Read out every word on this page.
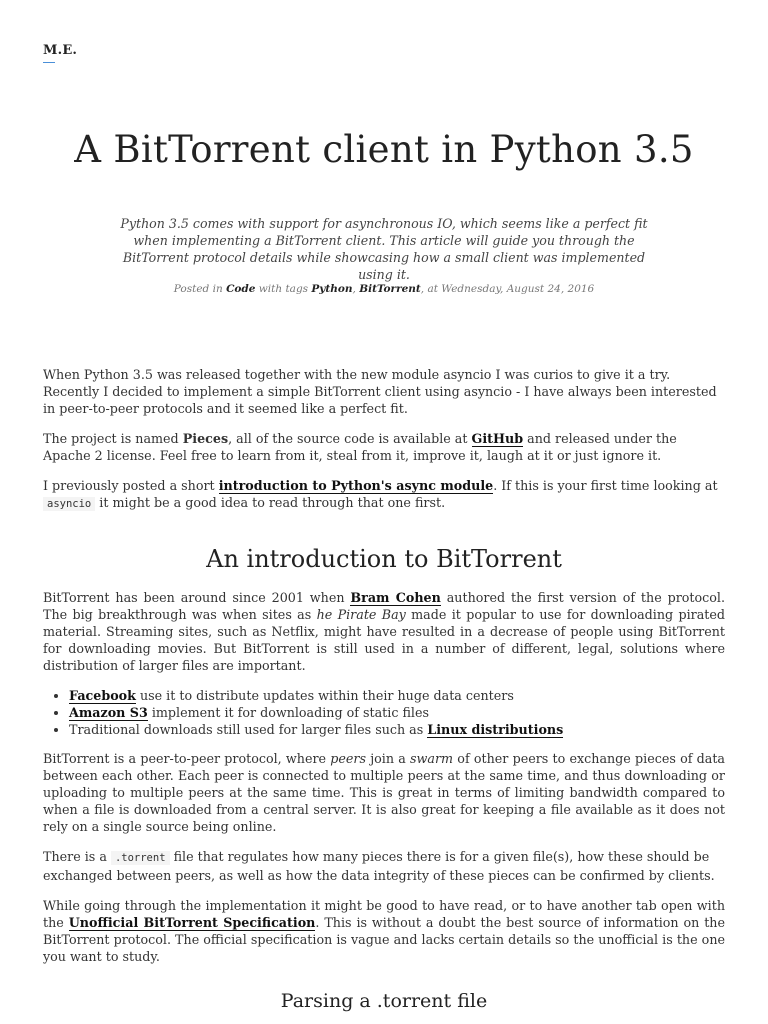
M.E.
A BitTorrent client in Python 3.5

Python 3.5 comes with support for asynchronous IO, which seems like a perfect fit when implementing a BitTorrent client. This article will guide you through the BitTorrent protocol details while showcasing how a small client was implemented using it.

Posted in Code with tags Python, BitTorrent, at Wednesday, August 24, 2016

When Python 3.5 was released together with the new module asyncio I was curios to give it a try. Recently I decided to implement a simple BitTorrent client using asyncio - I have always been interested in peer-to-peer protocols and it seemed like a perfect fit.

The project is named Pieces, all of the source code is available at GitHub and released under the Apache 2 license. Feel free to learn from it, steal from it, improve it, laugh at it or just ignore it.

I previously posted a short introduction to Python's async module. If this is your first time looking at asyncio it might be a good idea to read through that one first.

An introduction to BitTorrent

BitTorrent has been around since 2001 when Bram Cohen authored the first version of the protocol. The big breakthrough was when sites as he Pirate Bay made it popular to use for downloading pirated material. Streaming sites, such as Netflix, might have resulted in a decrease of people using BitTorrent for downloading movies. But BitTorrent is still used in a number of different, legal, solutions where distribution of larger files are important.

• Facebook use it to distribute updates within their huge data centers
• Amazon S3 implement it for downloading of static files
• Traditional downloads still used for larger files such as Linux distributions

BitTorrent is a peer-to-peer protocol, where peers join a swarm of other peers to exchange pieces of data between each other. Each peer is connected to multiple peers at the same time, and thus downloading or uploading to multiple peers at the same time. This is great in terms of limiting bandwidth compared to when a file is downloaded from a central server. It is also great for keeping a file available as it does not rely on a single source being online.

There is a .torrent file that regulates how many pieces there is for a given file(s), how these should be exchanged between peers, as well as how the data integrity of these pieces can be confirmed by clients.

While going through the implementation it might be good to have read, or to have another tab open with the Unofficial BitTorrent Specification. This is without a doubt the best source of information on the BitTorrent protocol. The official specification is vague and lacks certain details so the unofficial is the one you want to study.

Parsing a .torrent file
